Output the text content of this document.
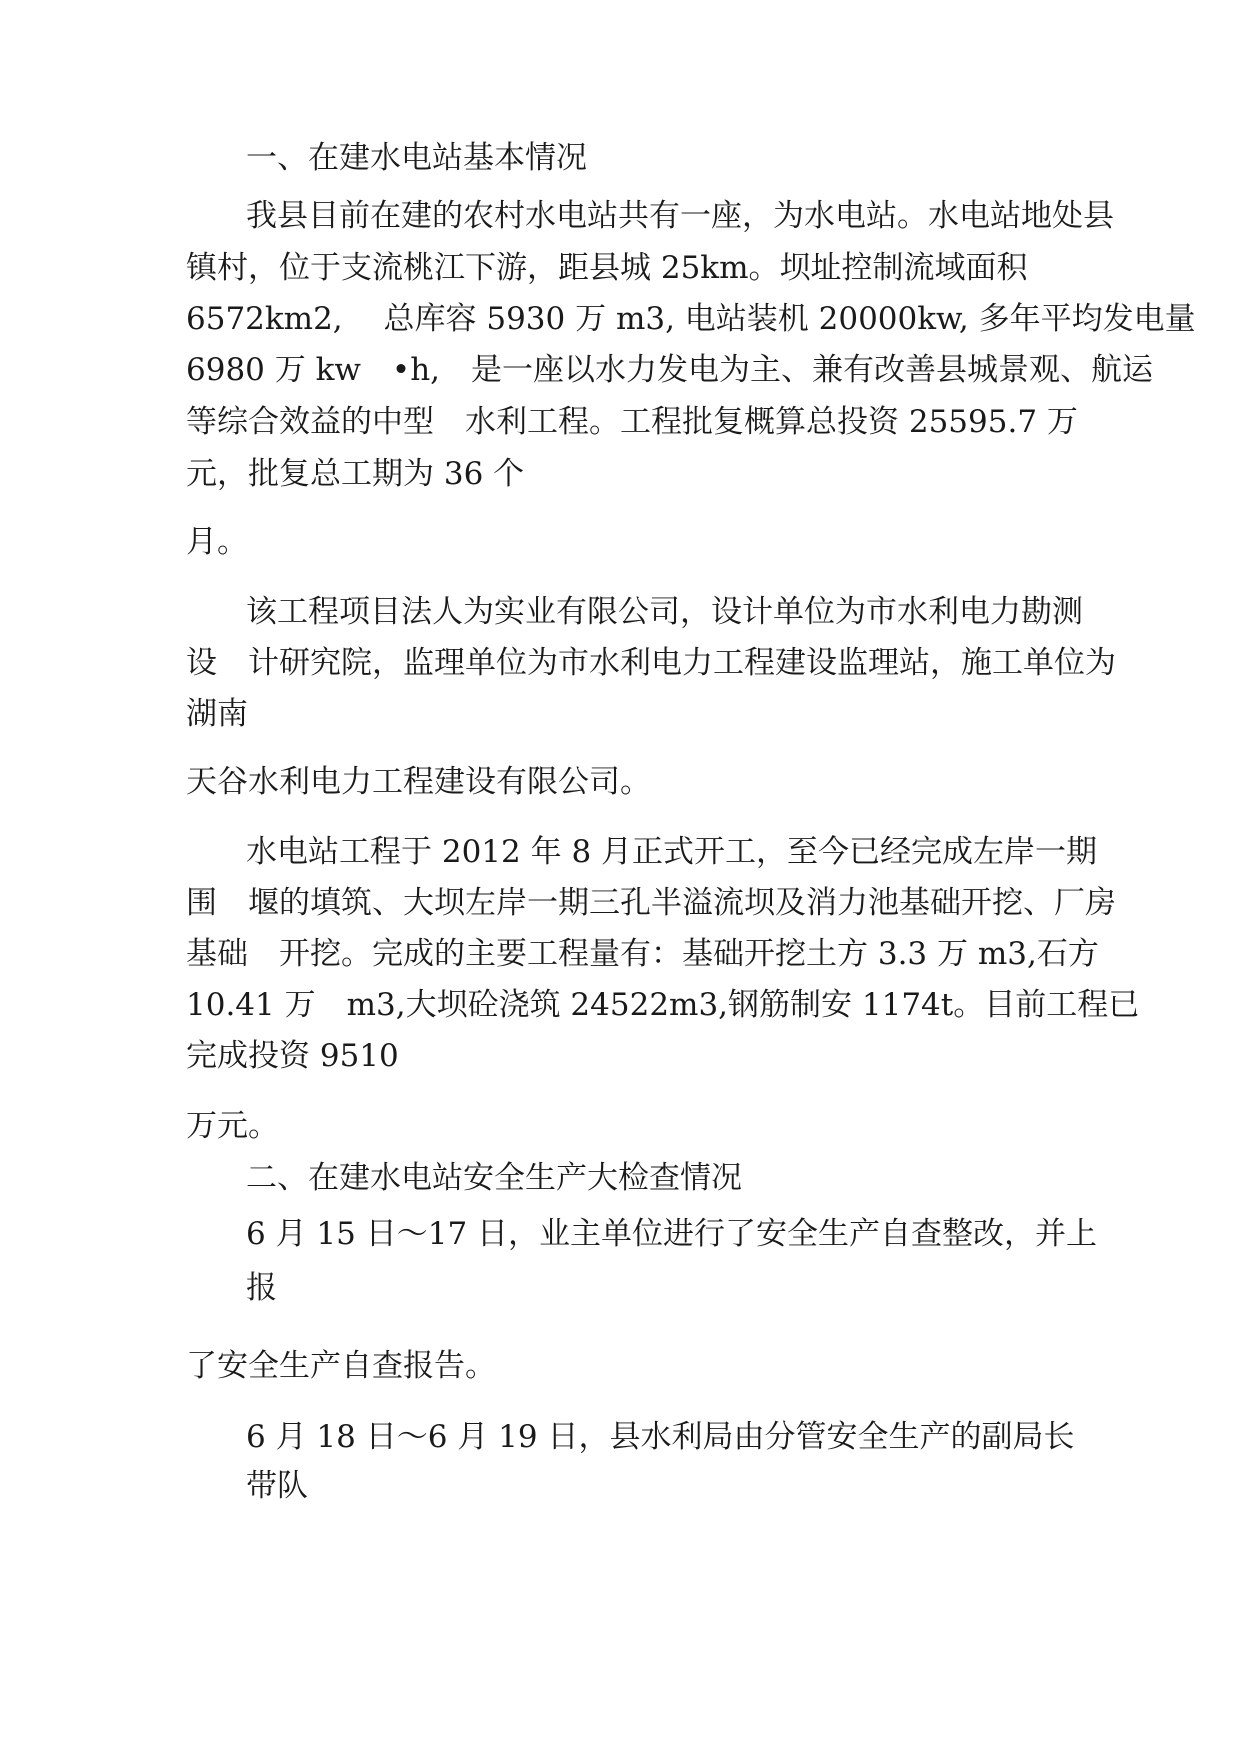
一、在建水电站基本情况
我县目前在建的农村水电站共有一座，为水电站。水电站地处县
镇村，位于支流桃江下游，距县城 25km。坝址控制流域面积
6572km2,　 总库容 5930 万 m3, 电站装机 20000kw, 多年平均发电量
6980 万 kw　•h,　是一座以水力发电为主、兼有改善县城景观、航运
等综合效益的中型　水利工程。工程批复概算总投资 25595.7 万
元，批复总工期为 36 个
月。
该工程项目法人为实业有限公司，设计单位为市水利电力勘测
设　计研究院，监理单位为市水利电力工程建设监理站，施工单位为
湖南
天谷水利电力工程建设有限公司。
水电站工程于 2012 年 8 月正式开工，至今已经完成左岸一期
围　堰的填筑、大坝左岸一期三孔半溢流坝及消力池基础开挖、厂房
基础　开挖。完成的主要工程量有：基础开挖土方 3.3 万 m3,石方
10.41 万　m3,大坝砼浇筑 24522m3,钢筋制安 1174t。目前工程已
完成投资 9510
万元。
二、在建水电站安全生产大检查情况
6 月 15 日～17 日，业主单位进行了安全生产自查整改，并上
报
了安全生产自查报告。
6 月 18 日～6 月 19 日，县水利局由分管安全生产的副局长
带队
